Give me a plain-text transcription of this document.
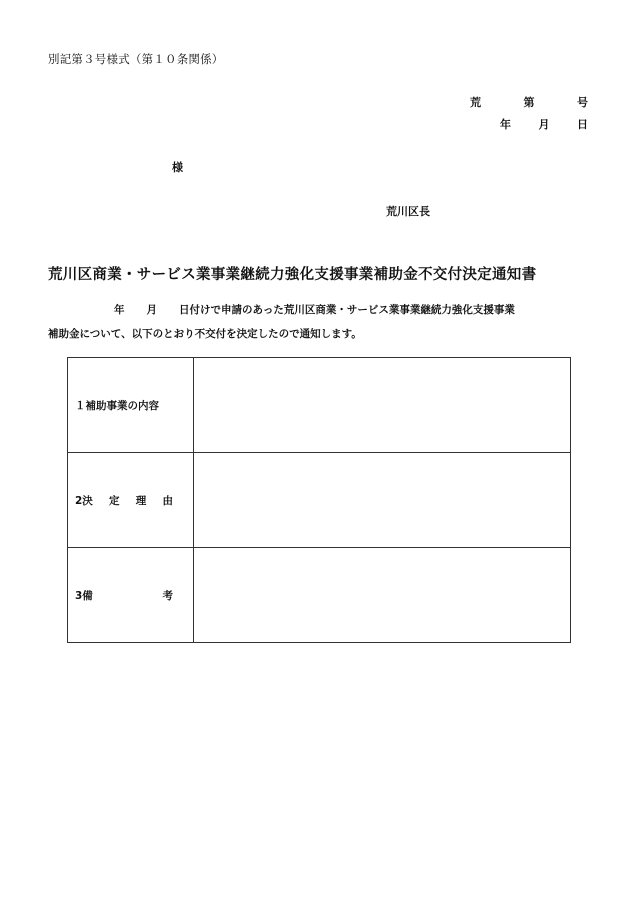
別記第３号様式（第１０条関係）
荒	第	号
年	月	日
様
荒川区長
荒川区商業・サービス業事業継続力強化支援事業補助金不交付決定通知書
年 月 日付けで申請のあった荒川区商業・サービス業事業継続力強化支援事業
補助金について、以下のとおり不交付を決定したので通知します。
１補助事業の内容	

2決 定 理 由	

3備 考	
